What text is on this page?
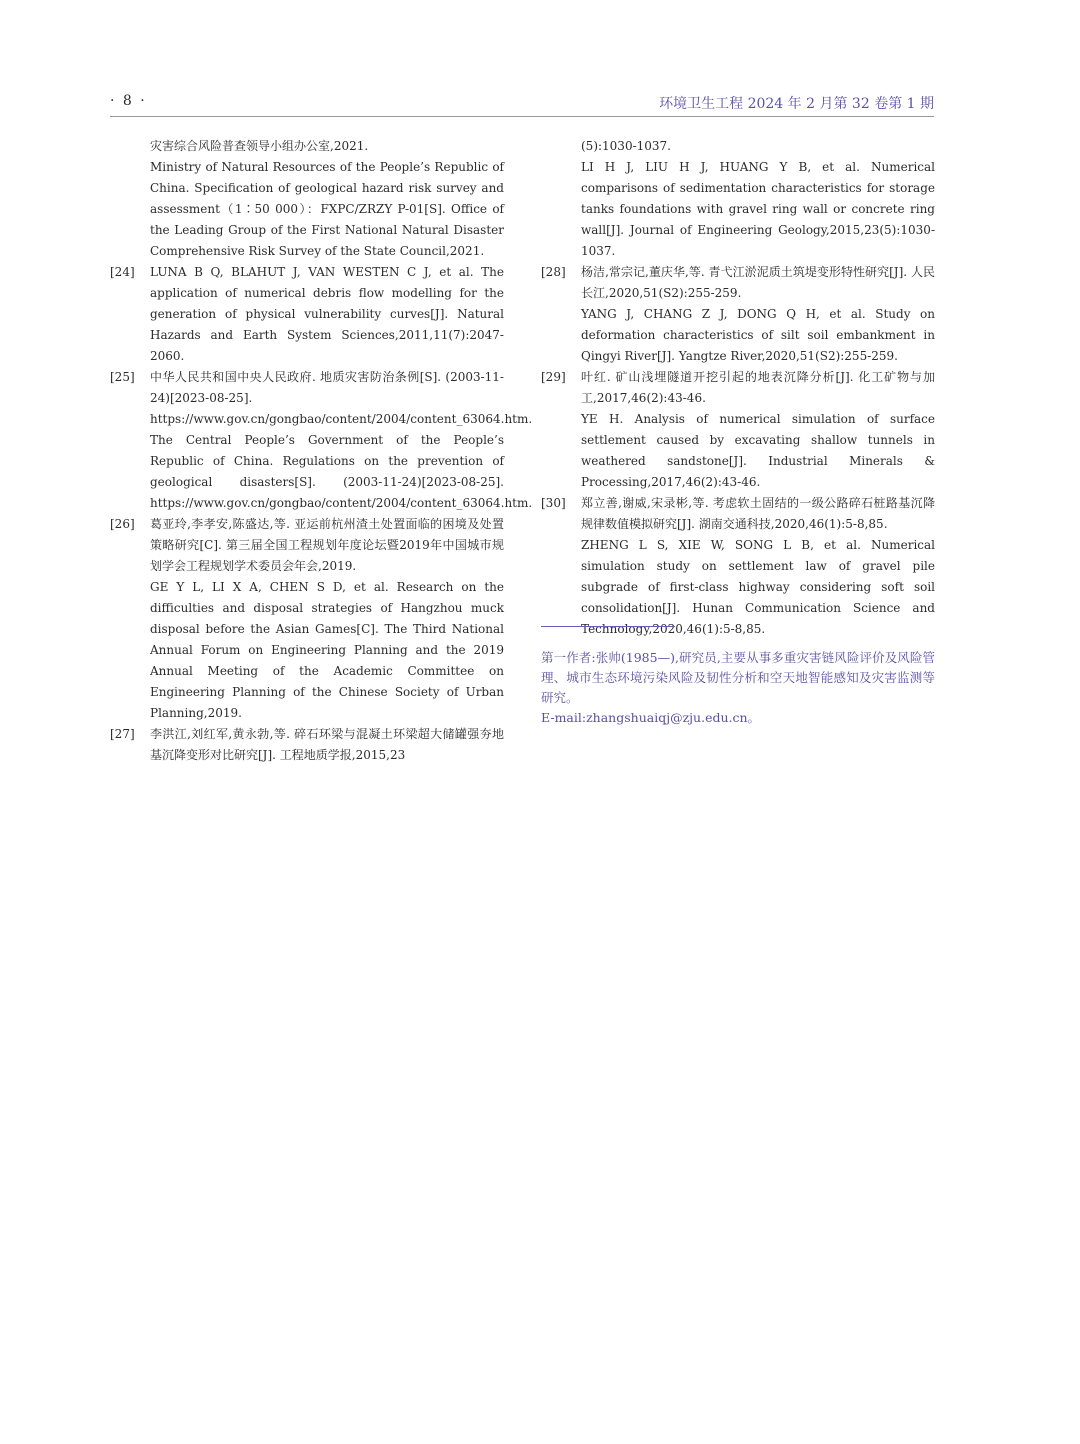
· 8 ·	环境卫生工程 2024 年 2 月第 32 卷第 1 期
灾害综合风险普查领导小组办公室,2021.
Ministry of Natural Resources of the People’s Republic of China. Specification of geological hazard risk survey and assessment（1∶50 000）：FXPC/ZRZY P-01[S]. Office of the Leading Group of the First National Natural Disaster Comprehensive Risk Survey of the State Council,2021.
[24] LUNA B Q, BLAHUT J, VAN WESTEN C J, et al. The application of numerical debris flow modelling for the generation of physical vulnerability curves[J]. Natural Hazards and Earth System Sciences,2011,11(7):2047-2060.
[25] 中华人民共和国中央人民政府. 地质灾害防治条例[S]. (2003-11-24)[2023-08-25]. https://www.gov.cn/gongbao/content/2004/content_63064.htm.
The Central People’s Government of the People’s Republic of China. Regulations on the prevention of geological disasters[S]. (2003-11-24)[2023-08-25]. https://www.gov.cn/gongbao/content/2004/content_63064.htm.
[26] 葛亚玲,李孝安,陈盛达,等. 亚运前杭州渣土处置面临的困境及处置策略研究[C]. 第三届全国工程规划年度论坛暨2019年中国城市规划学会工程规划学术委员会年会,2019.
GE Y L, LI X A, CHEN S D, et al. Research on the difficulties and disposal strategies of Hangzhou muck disposal before the Asian Games[C]. The Third National Annual Forum on Engineering Planning and the 2019 Annual Meeting of the Academic Committee on Engineering Planning of the Chinese Society of Urban Planning,2019.
[27] 李洪江,刘红军,黄永勃,等. 碎石环梁与混凝土环梁超大储罐强夯地基沉降变形对比研究[J]. 工程地质学报,2015,23
(5):1030-1037.
LI H J, LIU H J, HUANG Y B, et al. Numerical comparisons of sedimentation characteristics for storage tanks foundations with gravel ring wall or concrete ring wall[J]. Journal of Engineering Geology,2015,23(5):1030-1037.
[28] 杨洁,常宗记,董庆华,等. 青弋江淤泥质土筑堤变形特性研究[J]. 人民长江,2020,51(S2):255-259.
YANG J, CHANG Z J, DONG Q H, et al. Study on deformation characteristics of silt soil embankment in Qingyi River[J]. Yangtze River,2020,51(S2):255-259.
[29] 叶红. 矿山浅埋隧道开挖引起的地表沉降分析[J]. 化工矿物与加工,2017,46(2):43-46.
YE H. Analysis of numerical simulation of surface settlement caused by excavating shallow tunnels in weathered sandstone[J]. Industrial Minerals & Processing,2017,46(2):43-46.
[30] 郑立善,谢威,宋录彬,等. 考虑软土固结的一级公路碎石桩路基沉降规律数值模拟研究[J]. 湖南交通科技,2020,46(1):5-8,85.
ZHENG L S, XIE W, SONG L B, et al. Numerical simulation study on settlement law of gravel pile subgrade of first-class highway considering soft soil consolidation[J]. Hunan Communication Science and Technology,2020,46(1):5-8,85.
第一作者:张帅(1985—),研究员,主要从事多重灾害链风险评价及风险管理、城市生态环境污染风险及韧性分析和空天地智能感知及灾害监测等研究。
E-mail:zhangshuaiqj@zju.edu.cn。
